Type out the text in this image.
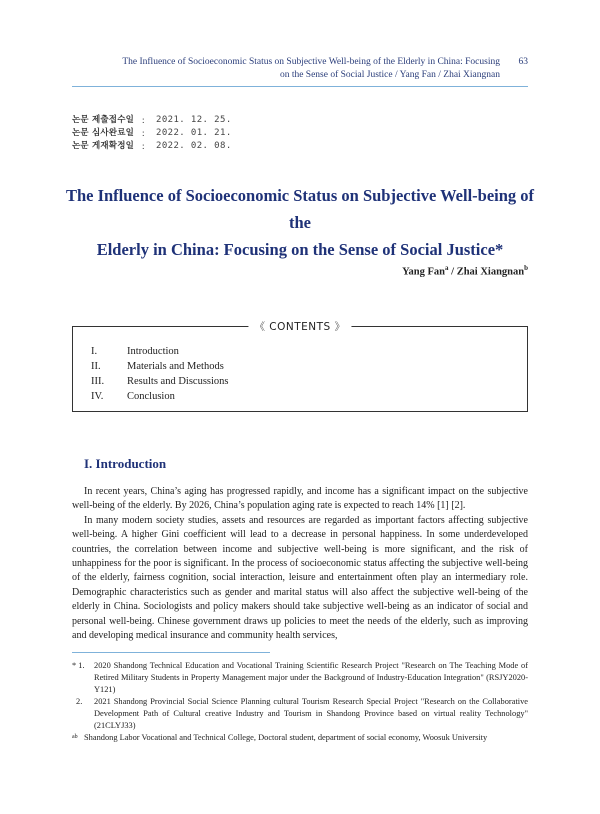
The Influence of Socioeconomic Status on Subjective Well-being of the Elderly in China: Focusing
on the Sense of Social Justice / Yang Fan / Zhai Xiangnan
63
논문 제출접수일 :	2021. 12. 25.
논문 심사완료일 :	2022. 01. 21.
논문 게재확정일 :	2022. 02. 08.
The Influence of Socioeconomic Status on Subjective Well-being of the
Elderly in China: Focusing on the Sense of Social Justice*
Yang Fan$^a$ / Zhai Xiangnan$^b$
《 CONTENTS 》
I.	Introduction
II.	Materials and Methods
III.	Results and Discussions
IV.	Conclusion
I. Introduction

In recent years, China’s aging has progressed rapidly, and income has a significant impact on the subjective well-being of the elderly. By 2026, China’s population aging rate is expected to reach 14% [1] [2].

In many modern society studies, assets and resources are regarded as important factors affecting subjective well-being. A higher Gini coefficient will lead to a decrease in personal happiness. In some underdeveloped countries, the correlation between income and subjective well-being is more significant, and the risk of unhappiness for the poor is significant. In the process of socioeconomic status affecting the subjective well-being of the elderly, fairness cognition, social interaction, leisure and entertainment often play an intermediary role. Demographic characteristics such as gender and marital status will also affect the subjective well-being of the elderly in China. Sociologists and policy makers should take subjective well-being as an indicator of social and personal well-being. Chinese government draws up policies to meet the needs of the elderly, such as improving and developing medical insurance and community health services,

* 1.	2020 Shandong Technical Education and Vocational Training Scientific Research Project "Research on The Teaching Mode of Retired Military Students in Property Management major under the Background of Industry-Education Integration" (RSJY2020-Y121)
2.	2021 Shandong Provincial Social Science Planning cultural Tourism Research Special Project "Research on the Collaborative Development Path of Cultural creative Industry and Tourism in Shandong Province based on virtual reality Technology" (21CLYJ33)
ab Shandong Labor Vocational and Technical College, Doctoral student, department of social economy, Woosuk University
